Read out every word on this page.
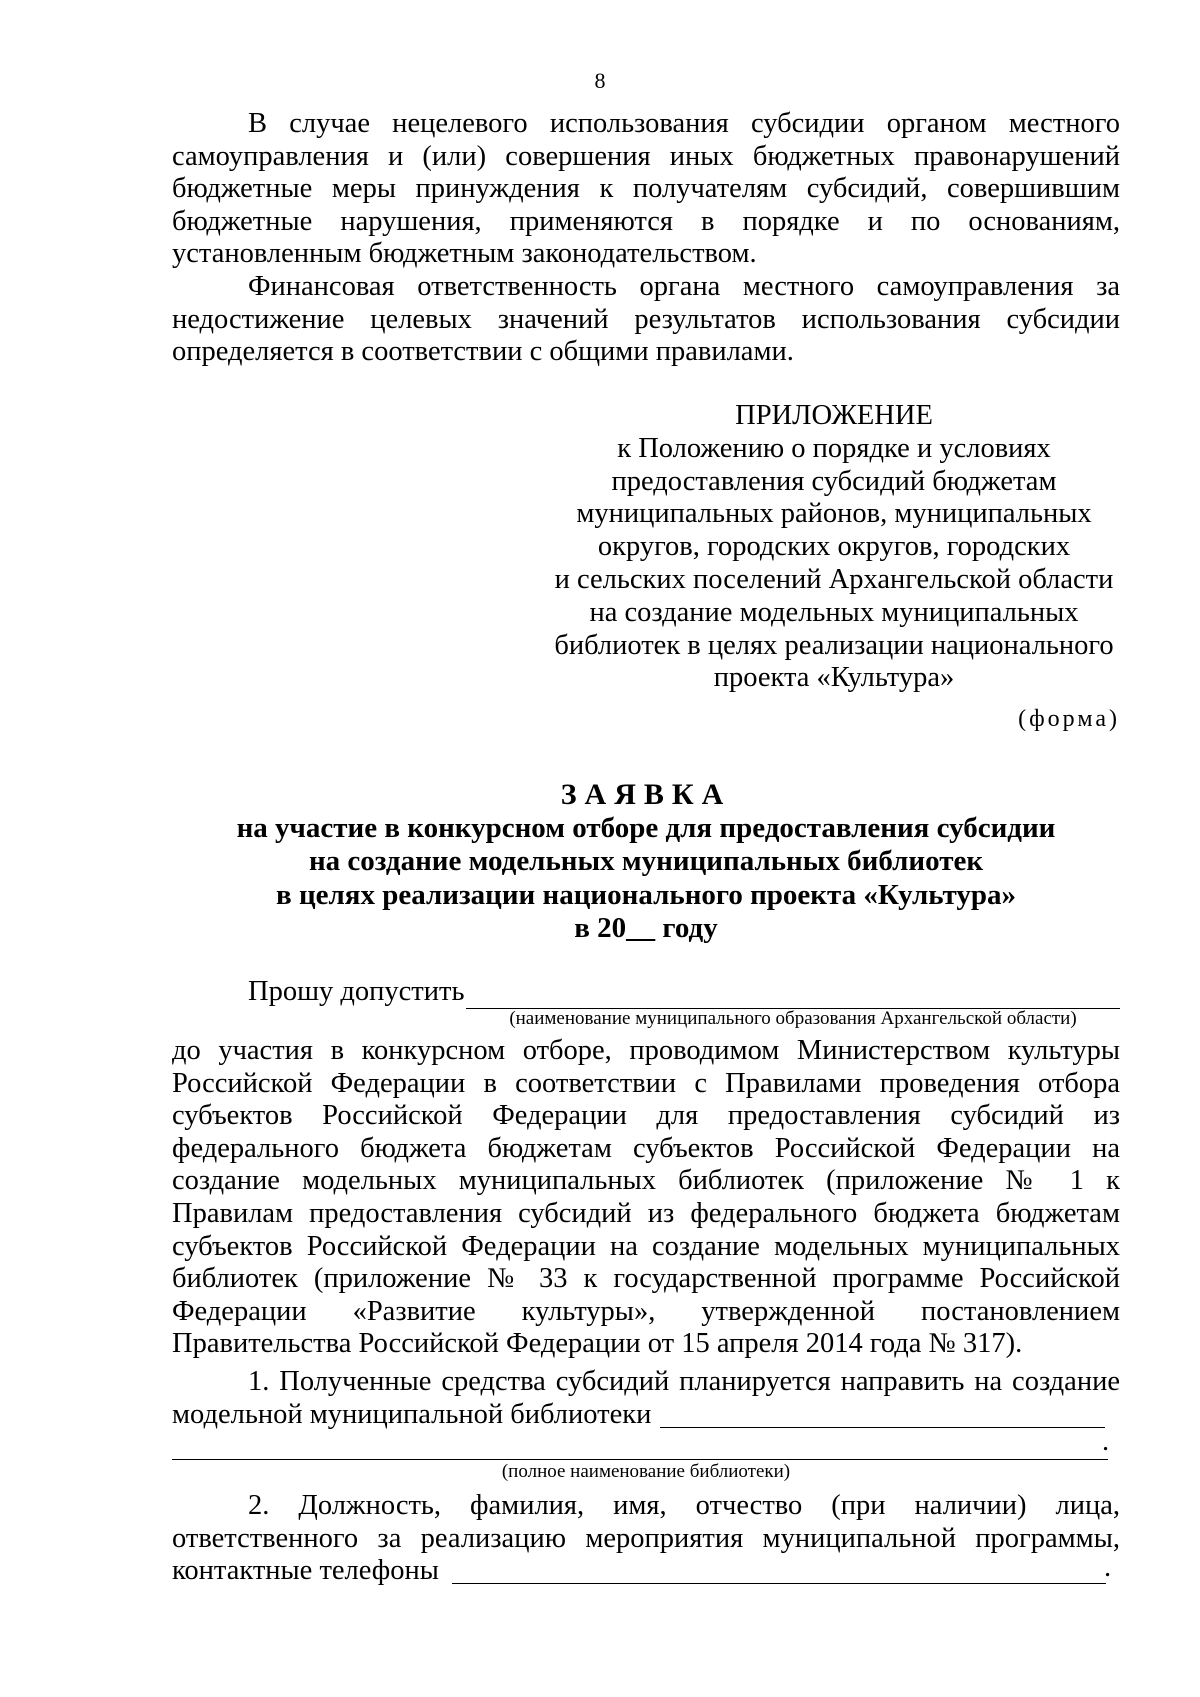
8

В случае нецелевого использования субсидии органом местного самоуправления и (или) совершения иных бюджетных правонарушений бюджетные меры принуждения к получателям субсидий, совершившим бюджетные нарушения, применяются в порядке и по основаниям, установленным бюджетным законодательством.

Финансовая ответственность органа местного самоуправления за недостижение целевых значений результатов использования субсидии определяется в соответствии с общими правилами.

ПРИЛОЖЕНИЕ
к Положению о порядке и условиях
предоставления субсидий бюджетам
муниципальных районов, муниципальных
округов, городских округов, городских
и сельских поселений Архангельской области
на создание модельных муниципальных
библиотек в целях реализации национального
проекта «Культура»
(форма)
ЗАЯВКА
на участие в конкурсном отборе для предоставления субсидии
на создание модельных муниципальных библиотек
в целях реализации национального проекта «Культура»
в 20__ году
Прошу допустить
(наименование муниципального образования Архангельской области)

до участия в конкурсном отборе, проводимом Министерством культуры Российской Федерации в соответствии с Правилами проведения отбора субъектов Российской Федерации для предоставления субсидий из федерального бюджета бюджетам субъектов Российской Федерации на создание модельных муниципальных библиотек (приложение № 1 к Правилам предоставления субсидий из федерального бюджета бюджетам субъектов Российской Федерации на создание модельных муниципальных библиотек (приложение № 33 к государственной программе Российской Федерации «Развитие культуры», утвержденной постановлением Правительства Российской Федерации от 15 апреля 2014 года № 317).

1. Полученные средства субсидий планируется направить на создание

модельной муниципальной библиотеки

.
(полное наименование библиотеки)

2. Должность, фамилия, имя, отчество (при наличии) лица, ответственного за реализацию мероприятия муниципальной программы,

контактные телефоны	.
